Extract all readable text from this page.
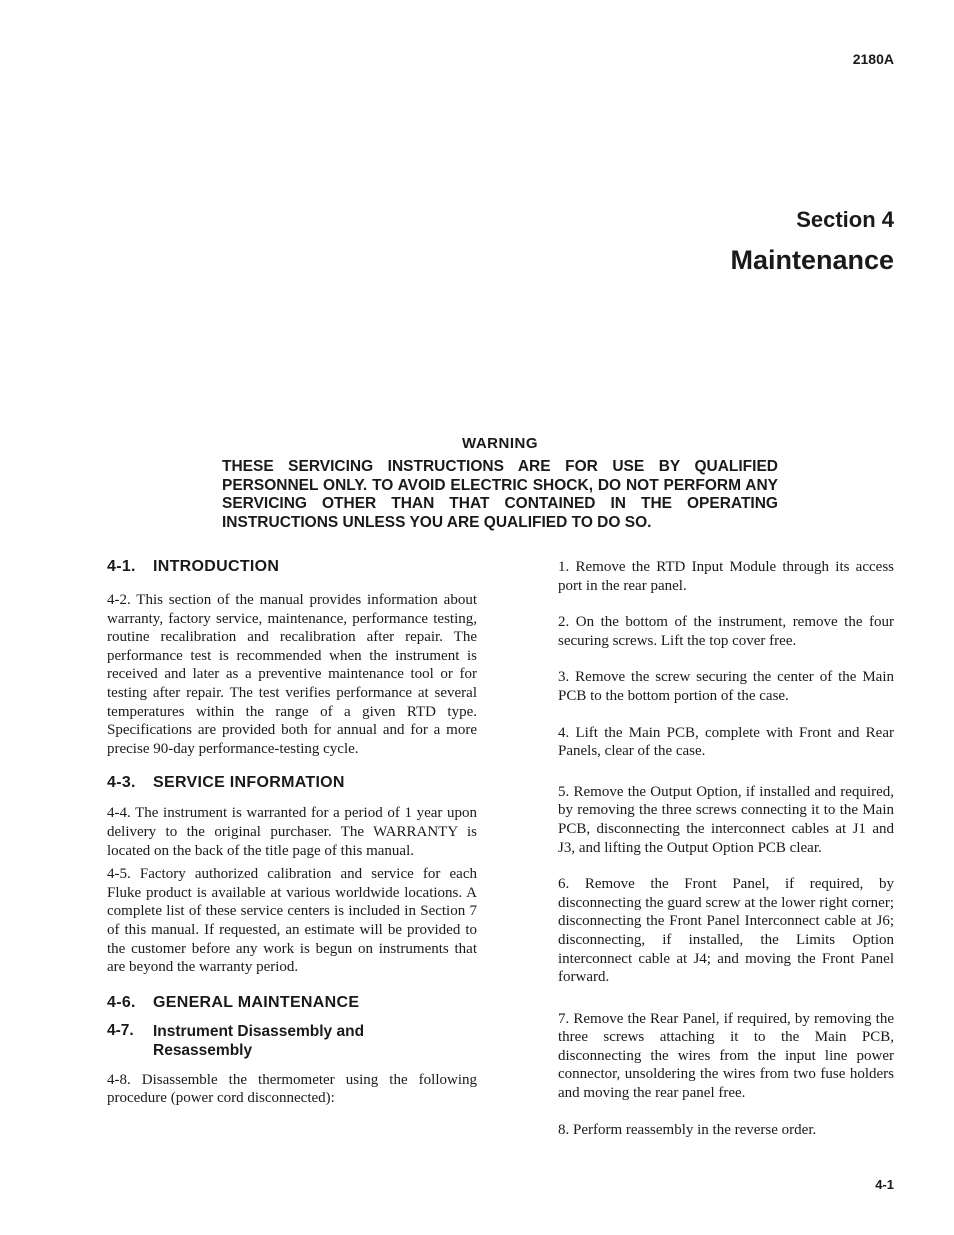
2180A
Section 4
Maintenance
WARNING
THESE SERVICING INSTRUCTIONS ARE FOR USE BY QUALIFIED PERSONNEL ONLY. TO AVOID ELECTRIC SHOCK, DO NOT PERFORM ANY SERVICING OTHER THAN THAT CONTAINED IN THE OPERATING INSTRUCTIONS UNLESS YOU ARE QUALIFIED TO DO SO.
4-1.	INTRODUCTION

4-2. This section of the manual provides information about warranty, factory service, maintenance, performance testing, routine recalibration and recalibration after repair. The performance test is recommended when the instrument is received and later as a preventive maintenance tool or for testing after repair. The test verifies performance at several temperatures within the range of a given RTD type. Specifications are provided both for annual and for a more precise 90-day performance-testing cycle.

4-3.	SERVICE INFORMATION

4-4. The instrument is warranted for a period of 1 year upon delivery to the original purchaser. The WARRANTY is located on the back of the title page of this manual.

4-5. Factory authorized calibration and service for each Fluke product is available at various worldwide locations. A complete list of these service centers is included in Section 7 of this manual. If requested, an estimate will be provided to the customer before any work is begun on instruments that are beyond the warranty period.

4-6.	GENERAL MAINTENANCE
4-7.	Instrument Disassembly and Resassembly

4-8. Disassemble the thermometer using the following procedure (power cord disconnected):

1. Remove the RTD Input Module through its access port in the rear panel.

2. On the bottom of the instrument, remove the four securing screws. Lift the top cover free.

3. Remove the screw securing the center of the Main PCB to the bottom portion of the case.

4. Lift the Main PCB, complete with Front and Rear Panels, clear of the case.

5. Remove the Output Option, if installed and required, by removing the three screws connecting it to the Main PCB, disconnecting the interconnect cables at J1 and J3, and lifting the Output Option PCB clear.

6. Remove the Front Panel, if required, by disconnecting the guard screw at the lower right corner; disconnecting the Front Panel Interconnect cable at J6; disconnecting, if installed, the Limits Option interconnect cable at J4; and moving the Front Panel forward.

7. Remove the Rear Panel, if required, by removing the three screws attaching it to the Main PCB, disconnecting the wires from the input line power connector, unsoldering the wires from two fuse holders and moving the rear panel free.

8. Perform reassembly in the reverse order.

4-1
